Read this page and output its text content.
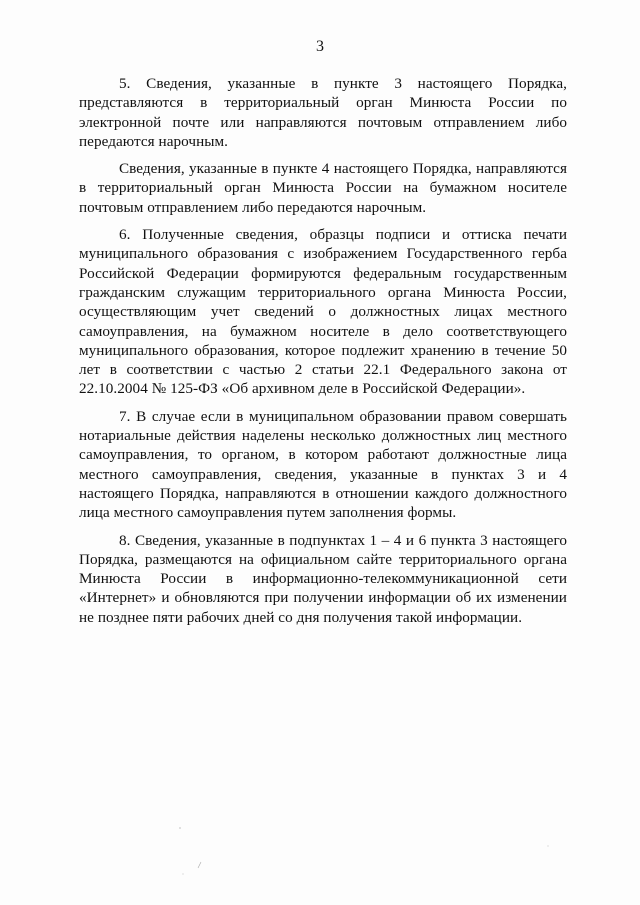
3

5. Сведения, указанные в пункте 3 настоящего Порядка, представляются в территориальный орган Минюста России по электронной почте или направляются почтовым отправлением либо передаются нарочным.

Сведения, указанные в пункте 4 настоящего Порядка, направляются в территориальный орган Минюста России на бумажном носителе почтовым отправлением либо передаются нарочным.

6. Полученные сведения, образцы подписи и оттиска печати муниципального образования с изображением Государственного герба Российской Федерации формируются федеральным государственным гражданским служащим территориального органа Минюста России, осуществляющим учет сведений о должностных лицах местного самоуправления, на бумажном носителе в дело соответствующего муниципального образования, которое подлежит хранению в течение 50 лет в соответствии с частью 2 статьи 22.1 Федерального закона от 22.10.2004 № 125-ФЗ «Об архивном деле в Российской Федерации».

7. В случае если в муниципальном образовании правом совершать нотариальные действия наделены несколько должностных лиц местного самоуправления, то органом, в котором работают должностные лица местного самоуправления, сведения, указанные в пунктах 3 и 4 настоящего Порядка, направляются в отношении каждого должностного лица местного самоуправления путем заполнения формы.

8. Сведения, указанные в подпунктах 1 – 4 и 6 пункта 3 настоящего Порядка, размещаются на официальном сайте территориального органа Минюста России в информационно-телекоммуникационной сети «Интернет» и обновляются при получении информации об их изменении не позднее пяти рабочих дней со дня получения такой информации.
